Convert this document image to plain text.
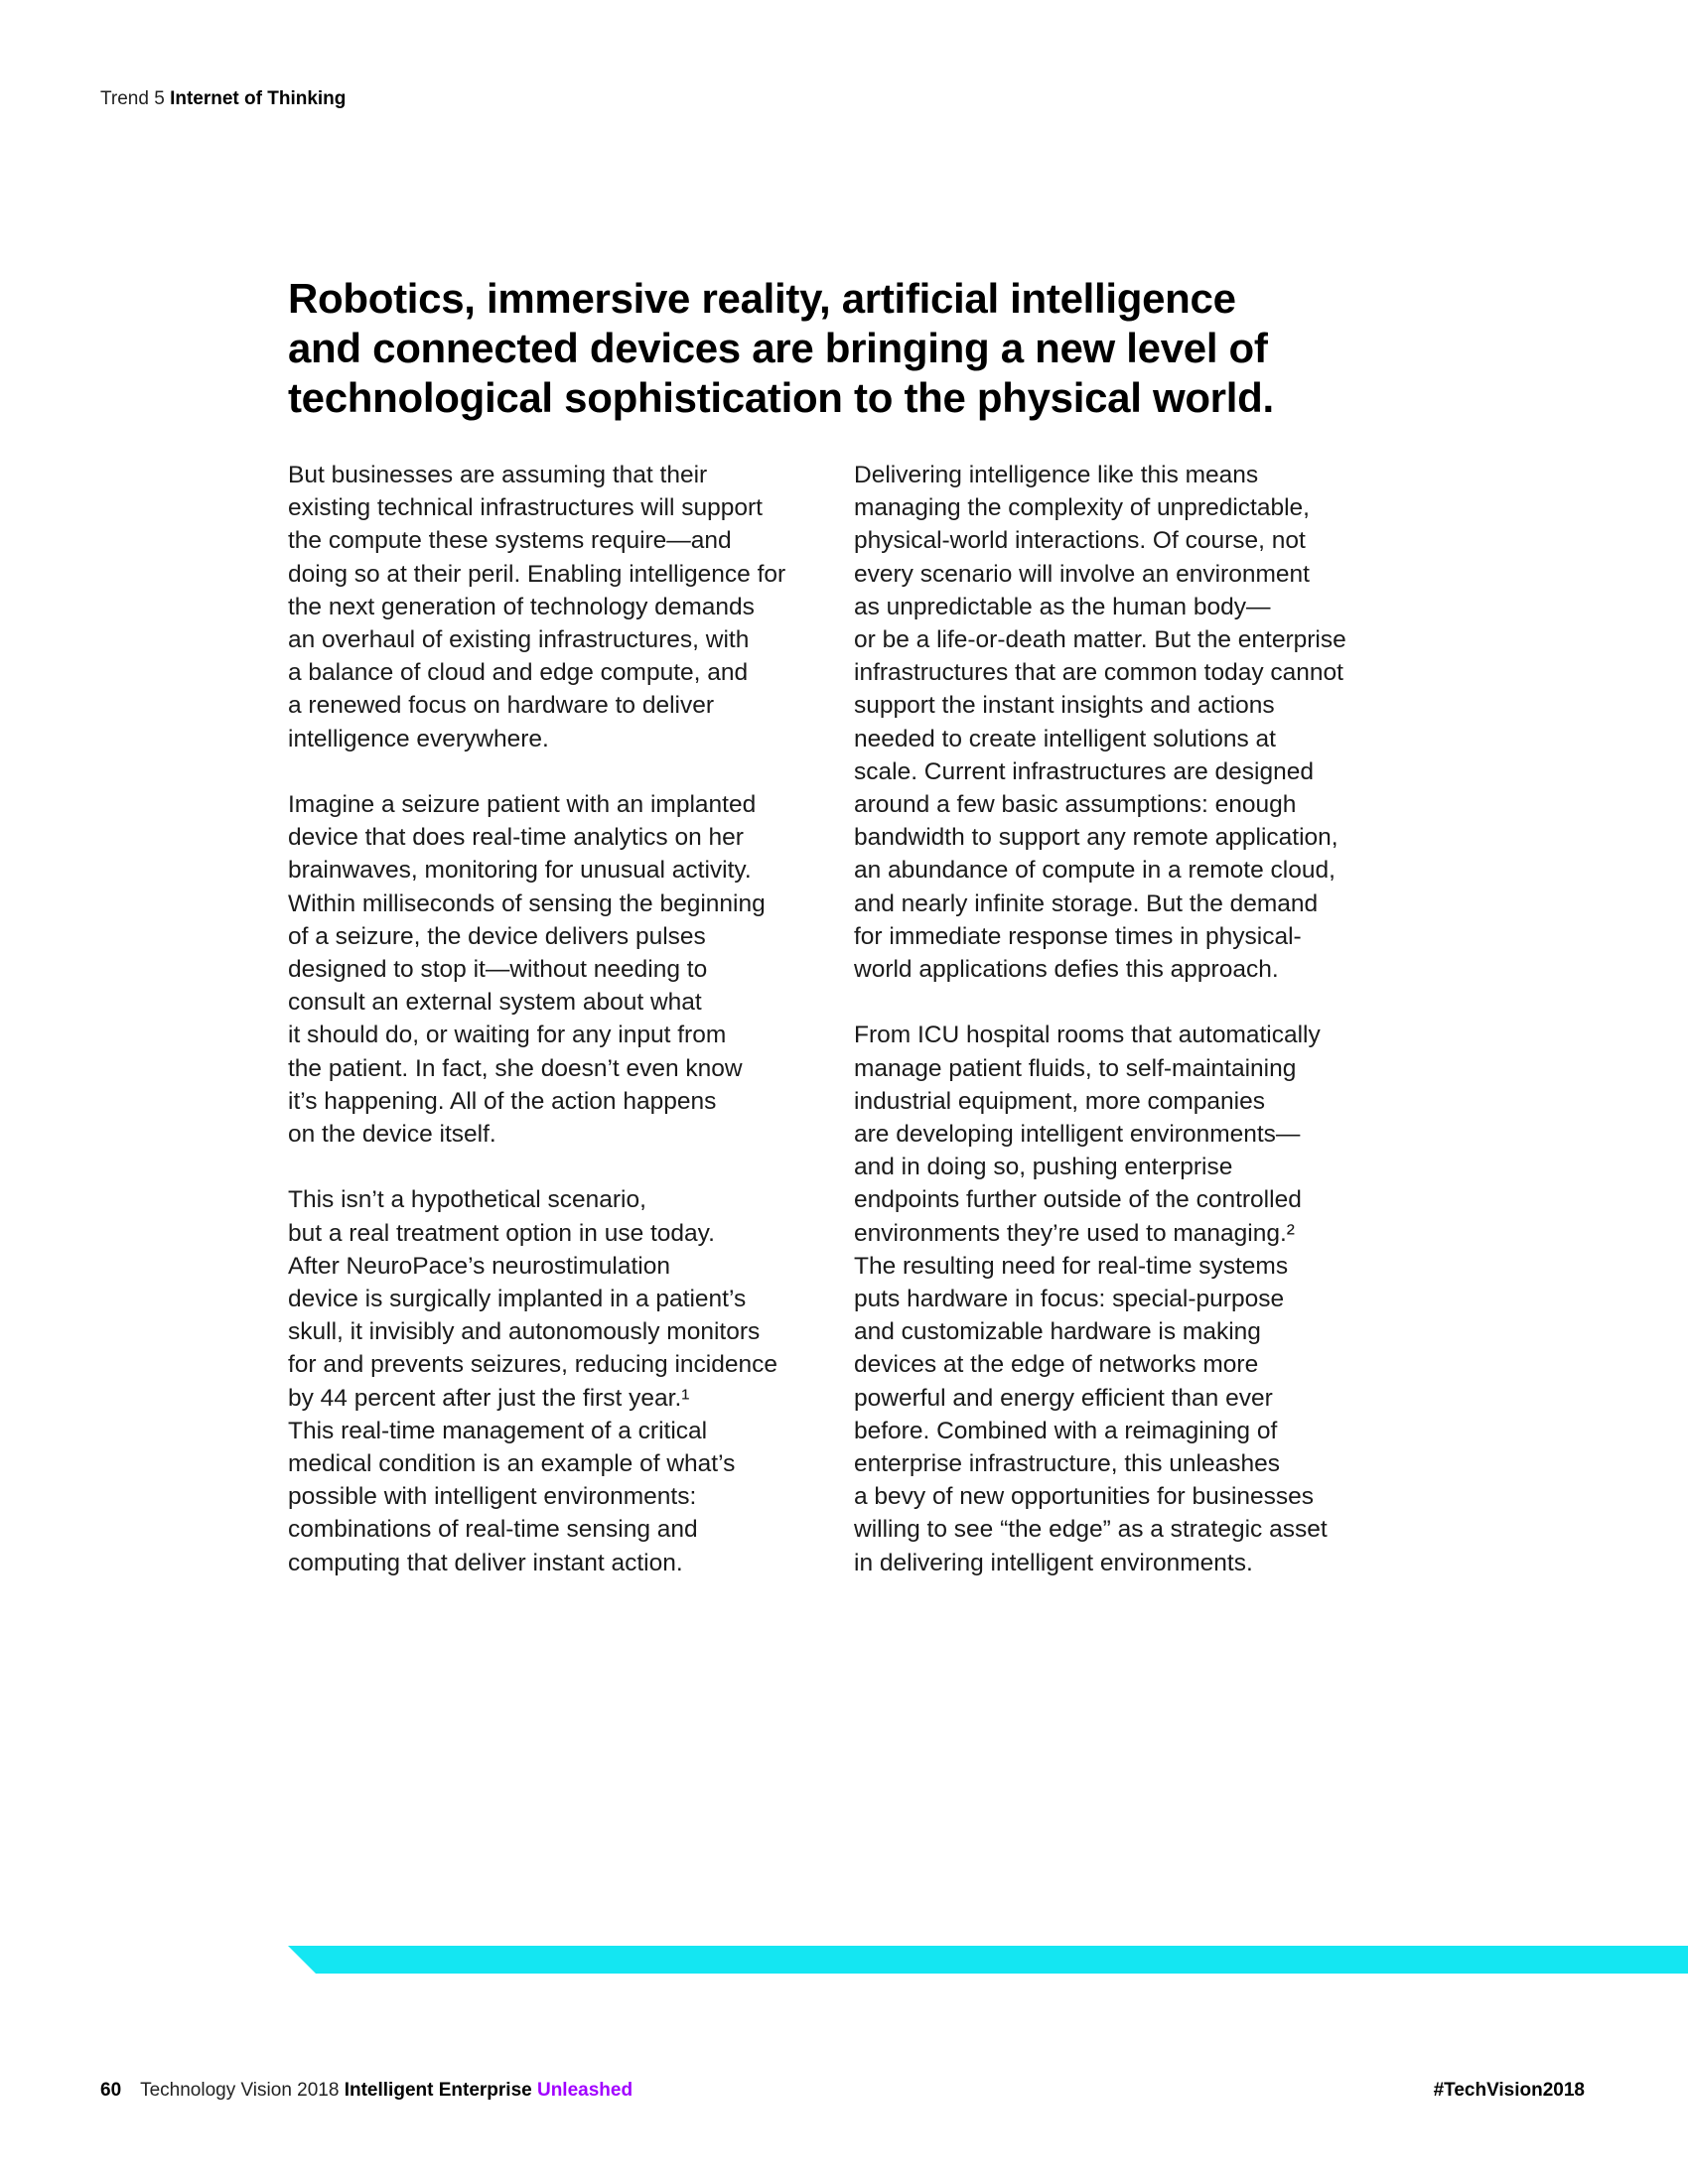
Trend 5 Internet of Thinking
Robotics, immersive reality, artificial intelligence
and connected devices are bringing a new level of
technological sophistication to the physical world.

But businesses are assuming that their
existing technical infrastructures will support
the compute these systems require—and
doing so at their peril. Enabling intelligence for
the next generation of technology demands
an overhaul of existing infrastructures, with
a balance of cloud and edge compute, and
a renewed focus on hardware to deliver
intelligence everywhere.

Imagine a seizure patient with an implanted
device that does real-time analytics on her
brainwaves, monitoring for unusual activity.
Within milliseconds of sensing the beginning
of a seizure, the device delivers pulses
designed to stop it—without needing to
consult an external system about what
it should do, or waiting for any input from
the patient. In fact, she doesn’t even know
it’s happening. All of the action happens
on the device itself.

This isn’t a hypothetical scenario,
but a real treatment option in use today.
After NeuroPace’s neurostimulation
device is surgically implanted in a patient’s
skull, it invisibly and autonomously monitors
for and prevents seizures, reducing incidence
by 44 percent after just the first year.¹
This real-time management of a critical
medical condition is an example of what’s
possible with intelligent environments:
combinations of real-time sensing and
computing that deliver instant action.

Delivering intelligence like this means
managing the complexity of unpredictable,
physical-world interactions. Of course, not
every scenario will involve an environment
as unpredictable as the human body—
or be a life-or-death matter. But the enterprise
infrastructures that are common today cannot
support the instant insights and actions
needed to create intelligent solutions at
scale. Current infrastructures are designed
around a few basic assumptions: enough
bandwidth to support any remote application,
an abundance of compute in a remote cloud,
and nearly infinite storage. But the demand
for immediate response times in physical-
world applications defies this approach.

From ICU hospital rooms that automatically
manage patient fluids, to self-maintaining
industrial equipment, more companies
are developing intelligent environments—
and in doing so, pushing enterprise
endpoints further outside of the controlled
environments they’re used to managing.²
The resulting need for real-time systems
puts hardware in focus: special-purpose
and customizable hardware is making
devices at the edge of networks more
powerful and energy efficient than ever
before. Combined with a reimagining of
enterprise infrastructure, this unleashes
a bevy of new opportunities for businesses
willing to see “the edge” as a strategic asset
in delivering intelligent environments.

60 Technology Vision 2018 Intelligent Enterprise Unleashed	#TechVision2018
